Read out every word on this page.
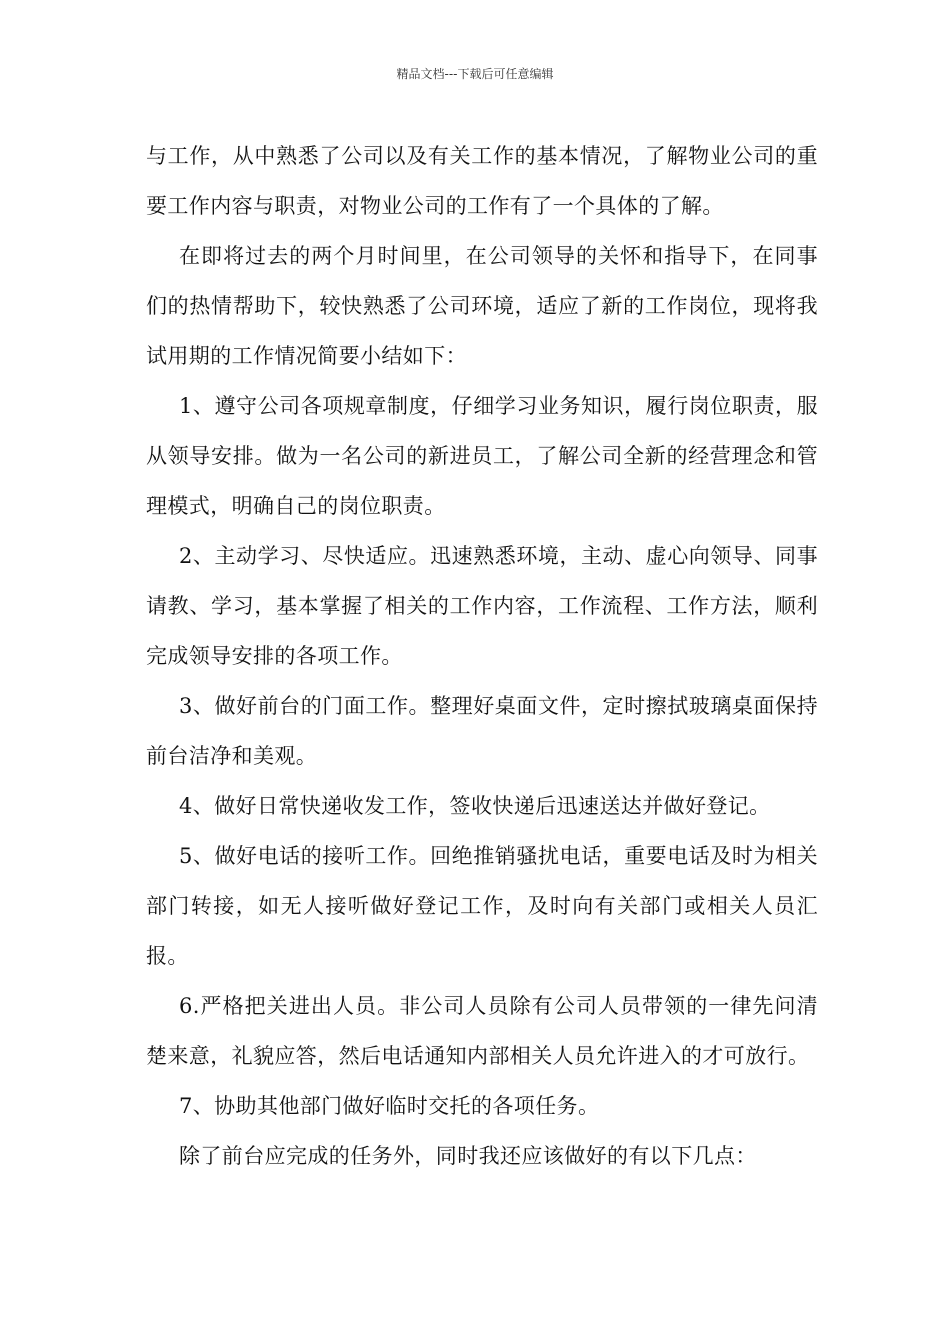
精品文档---下载后可任意编辑

与工作，从中熟悉了公司以及有关工作的基本情况，了解物业公司的重要工作内容与职责，对物业公司的工作有了一个具体的了解。

在即将过去的两个月时间里，在公司领导的关怀和指导下，在同事们的热情帮助下，较快熟悉了公司环境，适应了新的工作岗位，现将我试用期的工作情况简要小结如下：

1、遵守公司各项规章制度，仔细学习业务知识，履行岗位职责，服从领导安排。做为一名公司的新进员工，了解公司全新的经营理念和管理模式，明确自己的岗位职责。

2、主动学习、尽快适应。迅速熟悉环境，主动、虚心向领导、同事请教、学习，基本掌握了相关的工作内容，工作流程、工作方法，顺利完成领导安排的各项工作。

3、做好前台的门面工作。整理好桌面文件，定时擦拭玻璃桌面保持前台洁净和美观。

4、做好日常快递收发工作，签收快递后迅速送达并做好登记。

5、做好电话的接听工作。回绝推销骚扰电话，重要电话及时为相关部门转接，如无人接听做好登记工作，及时向有关部门或相关人员汇报。

6.严格把关进出人员。非公司人员除有公司人员带领的一律先问清楚来意，礼貌应答，然后电话通知内部相关人员允许进入的才可放行。

7、协助其他部门做好临时交托的各项任务。

除了前台应完成的任务外，同时我还应该做好的有以下几点：
